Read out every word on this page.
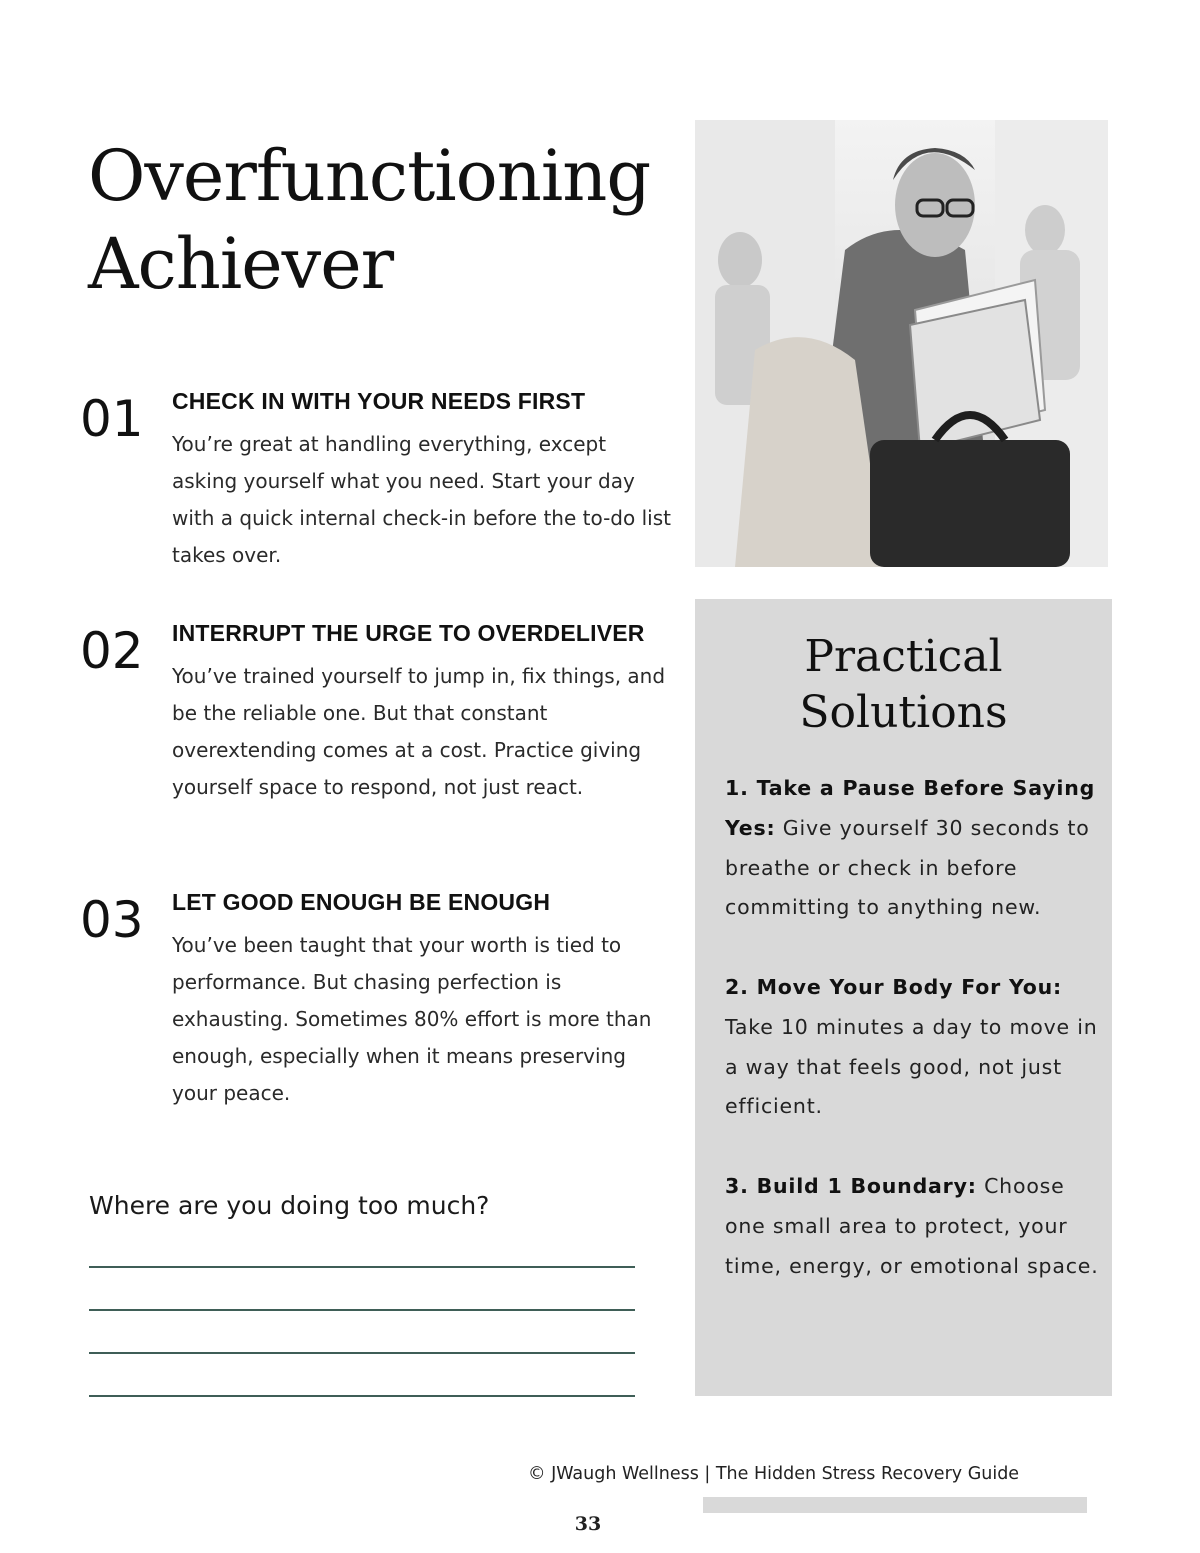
Overfunctioning
Achiever
01 CHECK IN WITH YOUR NEEDS FIRST
You’re great at handling everything, except asking yourself what you need. Start your day with a quick internal check-in before the to-do list takes over.
02 INTERRUPT THE URGE TO OVERDELIVER
You’ve trained yourself to jump in, fix things, and be the reliable one. But that constant overextending comes at a cost. Practice giving yourself space to respond, not just react.
03 LET GOOD ENOUGH BE ENOUGH
You’ve been taught that your worth is tied to performance. But chasing perfection is exhausting. Sometimes 80% effort is more than enough, especially when it means preserving your peace.
Where are you doing too much?
Practical
Solutions
1. Take a Pause Before Saying Yes: Give yourself 30 seconds to breathe or check in before committing to anything new.
2. Move Your Body For You: Take 10 minutes a day to move in a way that feels good, not just efficient.
3. Build 1 Boundary: Choose one small area to protect, your time, energy, or emotional space.
© JWaugh Wellness | The Hidden Stress Recovery Guide
33
